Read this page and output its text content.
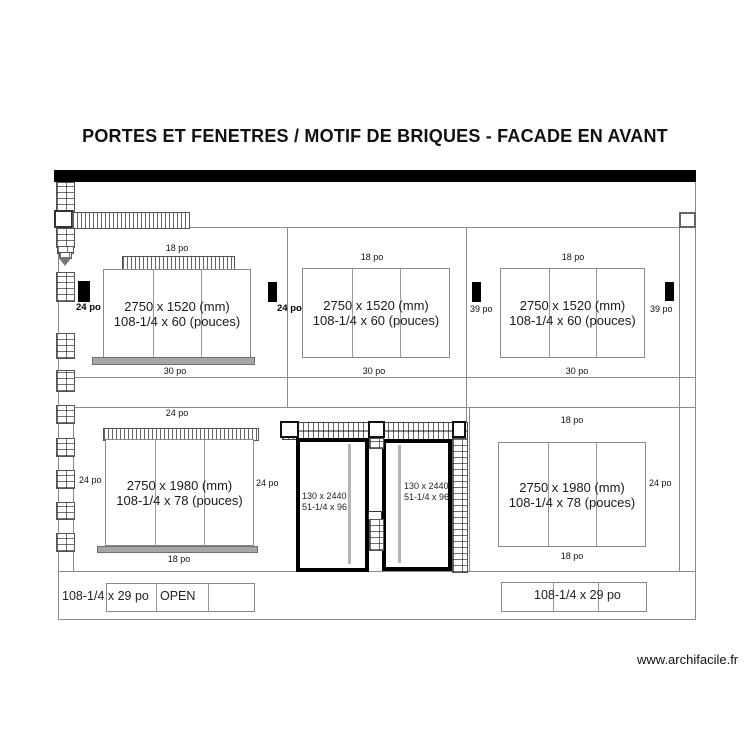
PORTES ET FENETRES / MOTIF DE BRIQUES - FACADE EN AVANT
18 po
2750 x 1520 (mm)
108-1/4 x 60 (pouces)
24 po	24 po
30 po
18 po
2750 x 1520 (mm)
108-1/4 x 60 (pouces)
30 po
39 po
18 po
2750 x 1520 (mm)
108-1/4 x 60 (pouces)
30 po
39 po
24 po
2750 x 1980 (mm)
108-1/4 x 78 (pouces)
24 po	24 po
18 po
130 x 2440
51-1/4 x 96
130 x 2440
51-1/4 x 96
18 po
2750 x 1980 (mm)
108-1/4 x 78 (pouces)
24 po
18 po
108-1/4 x 29 po OPEN	108-1/4 x 29 po
www.archifacile.fr
